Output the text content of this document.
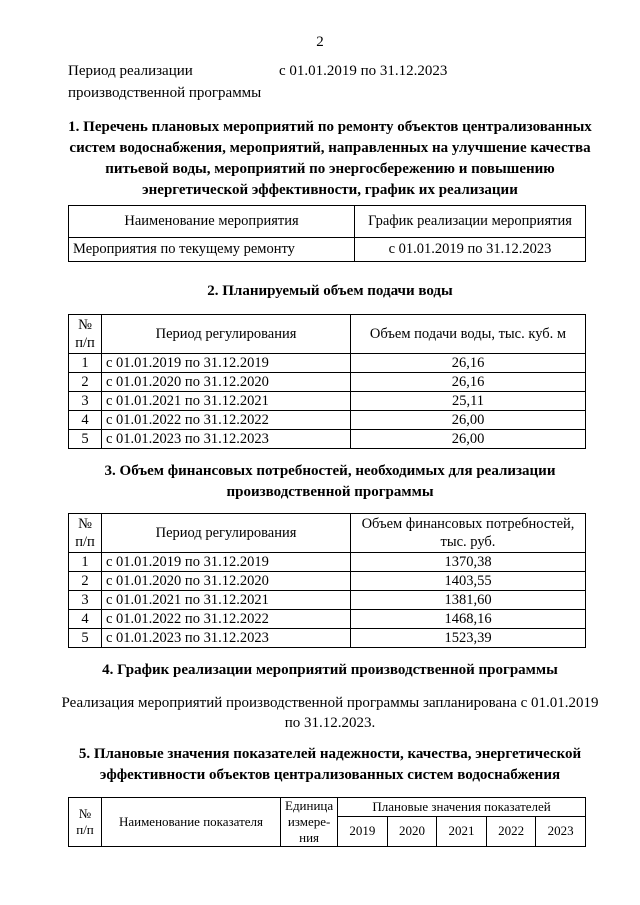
2
Период реализации производственной программы
с 01.01.2019 по 31.12.2023
1. Перечень плановых мероприятий по ремонту объектов централизованных систем водоснабжения, мероприятий, направленных на улучшение качества питьевой воды, мероприятий по энергосбережению и повышению энергетической эффективности, график их реализации
Наименование мероприятия	График реализации мероприятия
Мероприятия по текущему ремонту	с 01.01.2019 по 31.12.2023
2. Планируемый объем подачи воды
№ п/п	Период регулирования	Объем подачи воды, тыс. куб. м
1	с 01.01.2019 по 31.12.2019	26,16
2	с 01.01.2020 по 31.12.2020	26,16
3	с 01.01.2021 по 31.12.2021	25,11
4	с 01.01.2022 по 31.12.2022	26,00
5	с 01.01.2023 по 31.12.2023	26,00
3. Объем финансовых потребностей, необходимых для реализации производственной программы
№ п/п	Период регулирования	Объем финансовых потребностей, тыс. руб.
1	с 01.01.2019 по 31.12.2019	1370,38
2	с 01.01.2020 по 31.12.2020	1403,55
3	с 01.01.2021 по 31.12.2021	1381,60
4	с 01.01.2022 по 31.12.2022	1468,16
5	с 01.01.2023 по 31.12.2023	1523,39
4. График реализации мероприятий производственной программы
Реализация мероприятий производственной программы запланирована с 01.01.2019 по 31.12.2023.
5. Плановые значения показателей надежности, качества, энергетической эффективности объектов централизованных систем водоснабжения
№ п/п	Наименование показателя	Единица измере-ния	Плановые значения показателей				
			2019	2020	2021	2022	2023
